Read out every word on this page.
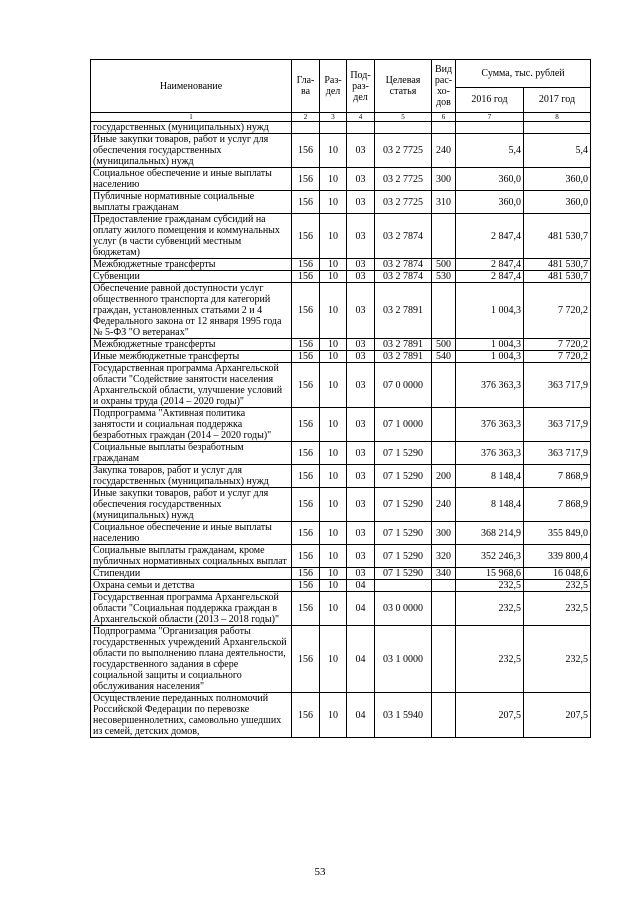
Наименование	Гла-ва	Раз-дел	Под-раз-дел	Целевая статья	Вид рас-хо-дов	Сумма, тыс. рублей	
						2016 год	2017 год
1	2	3	4	5	6	7	8
государственных (муниципальных) нужд							
Иные закупки товаров, работ и услуг для обеспечения государственных (муниципальных) нужд	156	10	03	03 2 7725	240	5,4	5,4
Социальное обеспечение и иные выплаты населению	156	10	03	03 2 7725	300	360,0	360,0
Публичные нормативные социальные выплаты гражданам	156	10	03	03 2 7725	310	360,0	360,0
Предоставление гражданам субсидий на оплату жилого помещения и коммунальных услуг (в части субвенций местным бюджетам)	156	10	03	03 2 7874		2 847,4	481 530,7
Межбюджетные трансферты	156	10	03	03 2 7874	500	2 847,4	481 530,7
Субвенции	156	10	03	03 2 7874	530	2 847,4	481 530,7
Обеспечение равной доступности услуг общественного транспорта для категорий граждан, установленных статьями 2 и 4 Федерального закона от 12 января 1995 года № 5-ФЗ "О ветеранах"	156	10	03	03 2 7891		1 004,3	7 720,2
Межбюджетные трансферты	156	10	03	03 2 7891	500	1 004,3	7 720,2
Иные межбюджетные трансферты	156	10	03	03 2 7891	540	1 004,3	7 720,2
Государственная программа Архангельской области "Содействие занятости населения Архангельской области, улучшение условий и охраны труда (2014 – 2020 годы)"	156	10	03	07 0 0000		376 363,3	363 717,9
Подпрограмма "Активная политика занятости и социальная поддержка безработных граждан (2014 – 2020 годы)"	156	10	03	07 1 0000		376 363,3	363 717,9
Социальные выплаты безработным гражданам	156	10	03	07 1 5290		376 363,3	363 717,9
Закупка товаров, работ и услуг для государственных (муниципальных) нужд	156	10	03	07 1 5290	200	8 148,4	7 868,9
Иные закупки товаров, работ и услуг для обеспечения государственных (муниципальных) нужд	156	10	03	07 1 5290	240	8 148,4	7 868,9
Социальное обеспечение и иные выплаты населению	156	10	03	07 1 5290	300	368 214,9	355 849,0
Социальные выплаты гражданам, кроме публичных нормативных социальных выплат	156	10	03	07 1 5290	320	352 246,3	339 800,4
Стипендии	156	10	03	07 1 5290	340	15 968,6	16 048,6
Охрана семьи и детства	156	10	04			232,5	232,5
Государственная программа Архангельской области "Социальная поддержка граждан в Архангельской области (2013 – 2018 годы)"	156	10	04	03 0 0000		232,5	232,5
Подпрограмма "Организация работы государственных учреждений Архангельской области по выполнению плана деятельности, государственного задания в сфере социальной защиты и социального обслуживания населения"	156	10	04	03 1 0000		232,5	232,5
Осуществление переданных полномочий Российской Федерации по перевозке несовершеннолетних, самовольно ушедших из семей, детских домов,	156	10	04	03 1 5940		207,5	207,5
53
